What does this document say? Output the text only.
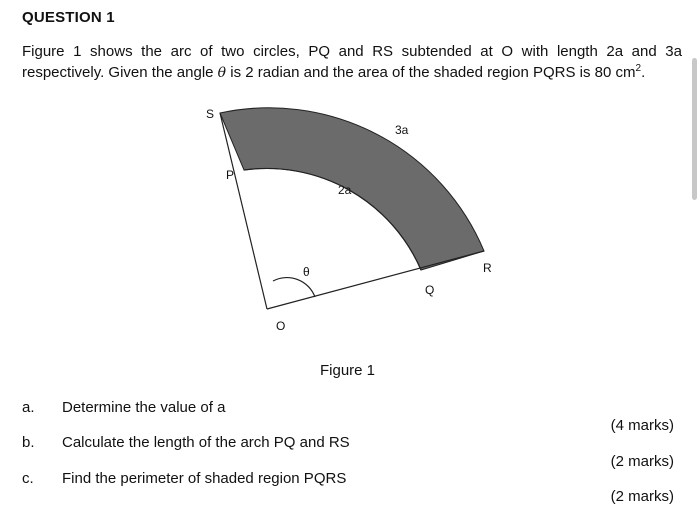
QUESTION 1
Figure 1 shows the arc of two circles, PQ and RS subtended at O with length 2a and 3a respectively. Given the angle θ is 2 radian and the area of the shaded region PQRS is 80 $cm^2$.
S
P
3a
2a
θ	R
Q
O
Figure 1
a. Determine the value of a
(4 marks)
b. Calculate the length of the arch PQ and RS
(2 marks)
c. Find the perimeter of shaded region PQRS
(2 marks)
